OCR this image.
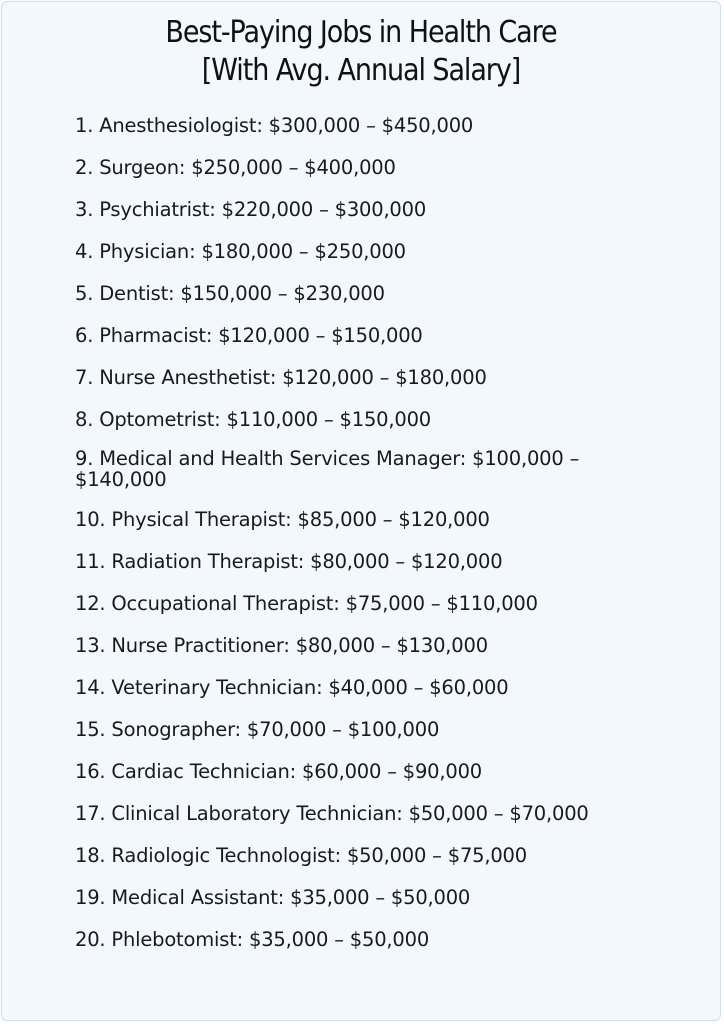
Best-Paying Jobs in Health Care
[With Avg. Annual Salary]
1. Anesthesiologist: $300,000 – $450,000
2. Surgeon: $250,000 – $400,000
3. Psychiatrist: $220,000 – $300,000
4. Physician: $180,000 – $250,000
5. Dentist: $150,000 – $230,000
6. Pharmacist: $120,000 – $150,000
7. Nurse Anesthetist: $120,000 – $180,000
8. Optometrist: $110,000 – $150,000
9. Medical and Health Services Manager: $100,000 – $140,000
10. Physical Therapist: $85,000 – $120,000
11. Radiation Therapist: $80,000 – $120,000
12. Occupational Therapist: $75,000 – $110,000
13. Nurse Practitioner: $80,000 – $130,000
14. Veterinary Technician: $40,000 – $60,000
15. Sonographer: $70,000 – $100,000
16. Cardiac Technician: $60,000 – $90,000
17. Clinical Laboratory Technician: $50,000 – $70,000
18. Radiologic Technologist: $50,000 – $75,000
19. Medical Assistant: $35,000 – $50,000
20. Phlebotomist: $35,000 – $50,000
